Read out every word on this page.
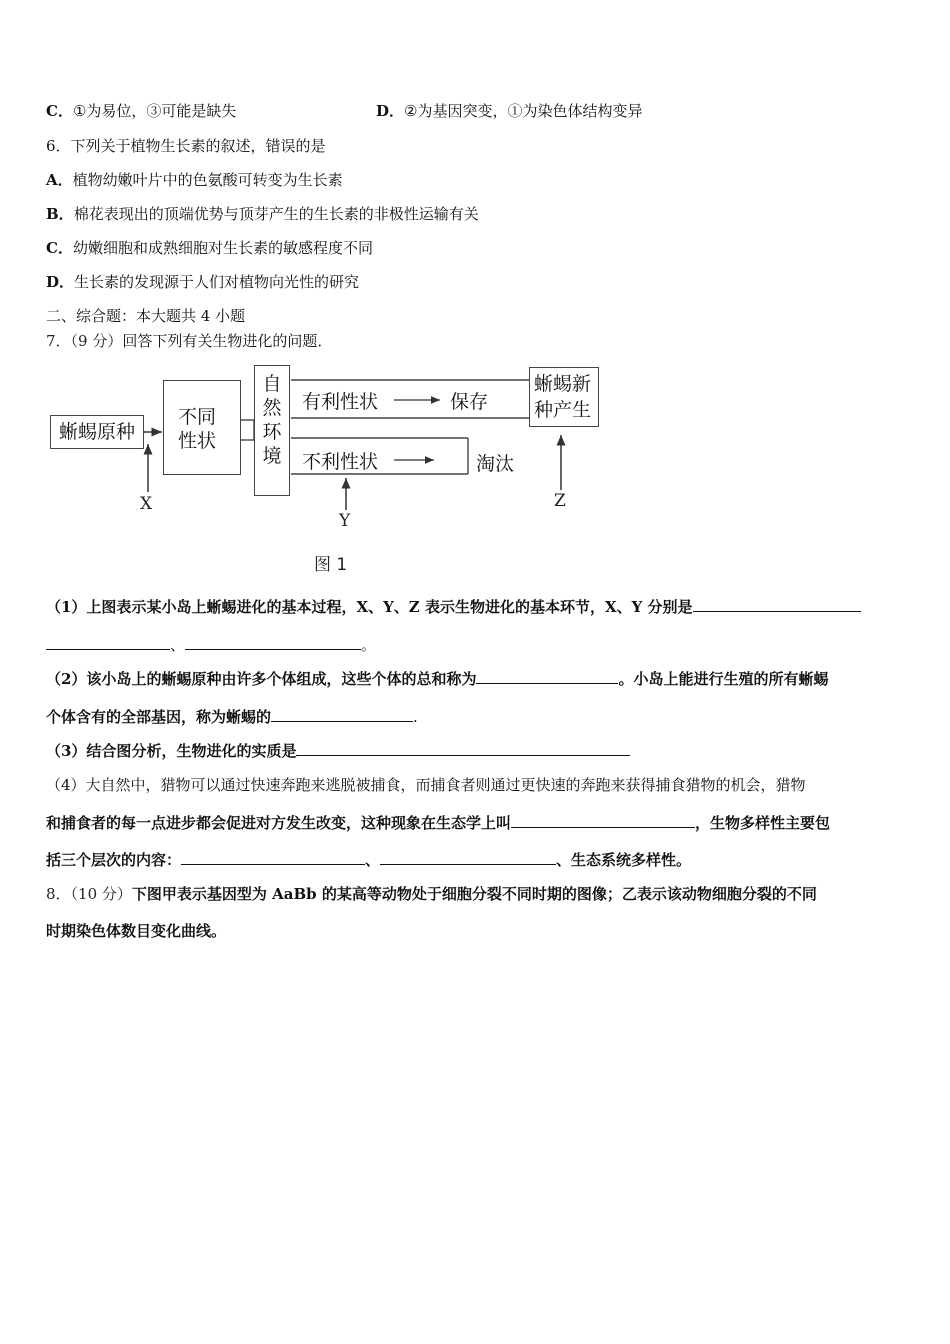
C．①为易位，③可能是缺失	D．②为基因突变，①为染色体结构变异
6．下列关于植物生长素的叙述，错误的是
A．植物幼嫩叶片中的色氨酸可转变为生长素
B．棉花表现出的顶端优势与顶芽产生的生长素的非极性运输有关
C．幼嫩细胞和成熟细胞对生长素的敏感程度不同
D．生长素的发现源于人们对植物向光性的研究
二、综合题：本大题共 4 小题
7．（9 分）回答下列有关生物进化的问题．
蜥蜴原种
不同
性状
自
然
环
境
有利性状	保存
不利性状	淘汰
蜥蜴新
种产生
X
Y
Z
图 1
（1）上图表示某小岛上蜥蜴进化的基本过程，X、Y、Z 表示生物进化的基本环节，X、Y 分别是
、	。
（2）该小岛上的蜥蜴原种由许多个体组成，这些个体的总和称为	。小岛上能进行生殖的所有蜥蜴
个体含有的全部基因，称为蜥蜴的	.
（3）结合图分析，生物进化的实质是
（4）大自然中，猎物可以通过快速奔跑来逃脱被捕食，而捕食者则通过更快速的奔跑来获得捕食猎物的机会，猎物
和捕食者的每一点进步都会促进对方发生改变，这种现象在生态学上叫	，生物多样性主要包
括三个层次的内容：	、	、生态系统多样性。
8．（10 分）下图甲表示基因型为 AaBb 的某高等动物处于细胞分裂不同时期的图像；乙表示该动物细胞分裂的不同
时期染色体数目变化曲线。
